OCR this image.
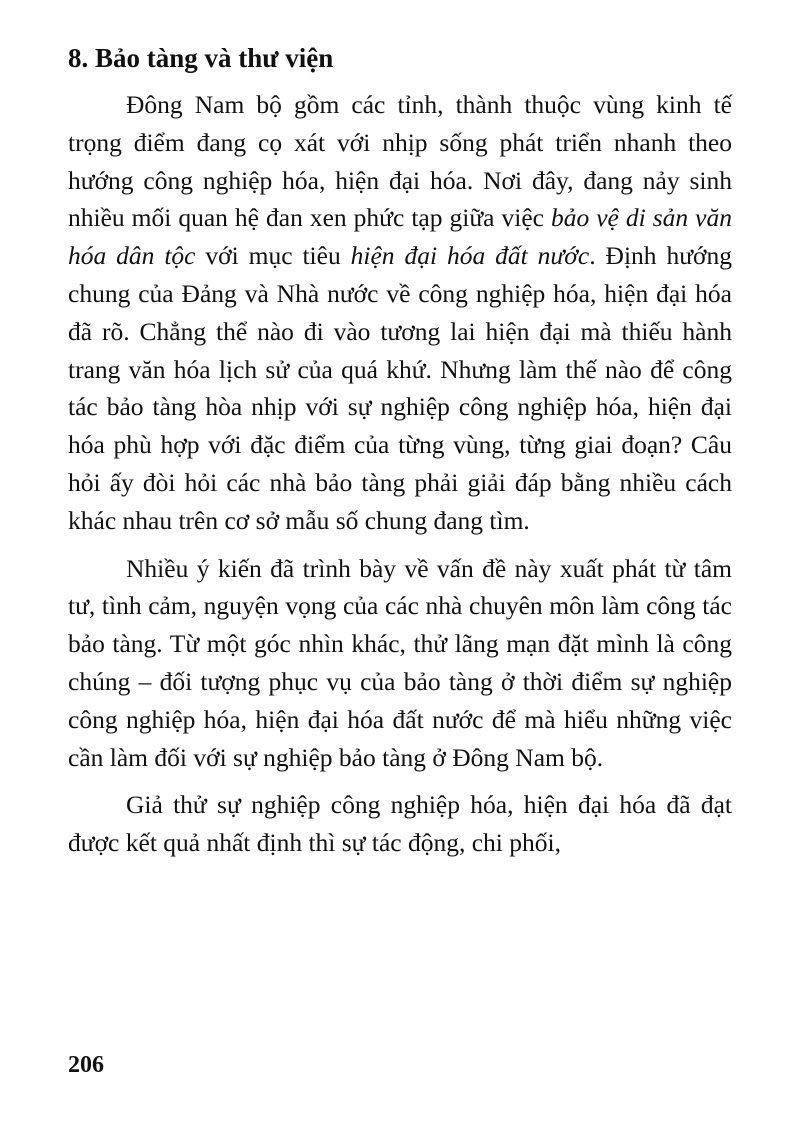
8. Bảo tàng và thư viện

Đông Nam bộ gồm các tỉnh, thành thuộc vùng kinh tế trọng điểm đang cọ xát với nhịp sống phát triển nhanh theo hướng công nghiệp hóa, hiện đại hóa. Nơi đây, đang nảy sinh nhiều mối quan hệ đan xen phức tạp giữa việc bảo vệ di sản văn hóa dân tộc với mục tiêu hiện đại hóa đất nước. Định hướng chung của Đảng và Nhà nước về công nghiệp hóa, hiện đại hóa đã rõ. Chẳng thể nào đi vào tương lai hiện đại mà thiếu hành trang văn hóa lịch sử của quá khứ. Nhưng làm thế nào để công tác bảo tàng hòa nhịp với sự nghiệp công nghiệp hóa, hiện đại hóa phù hợp với đặc điểm của từng vùng, từng giai đoạn? Câu hỏi ấy đòi hỏi các nhà bảo tàng phải giải đáp bằng nhiều cách khác nhau trên cơ sở mẫu số chung đang tìm.

Nhiều ý kiến đã trình bày về vấn đề này xuất phát từ tâm tư, tình cảm, nguyện vọng của các nhà chuyên môn làm công tác bảo tàng. Từ một góc nhìn khác, thử lãng mạn đặt mình là công chúng – đối tượng phục vụ của bảo tàng ở thời điểm sự nghiệp công nghiệp hóa, hiện đại hóa đất nước để mà hiểu những việc cần làm đối với sự nghiệp bảo tàng ở Đông Nam bộ.

Giả thử sự nghiệp công nghiệp hóa, hiện đại hóa đã đạt được kết quả nhất định thì sự tác động, chi phối,

206
